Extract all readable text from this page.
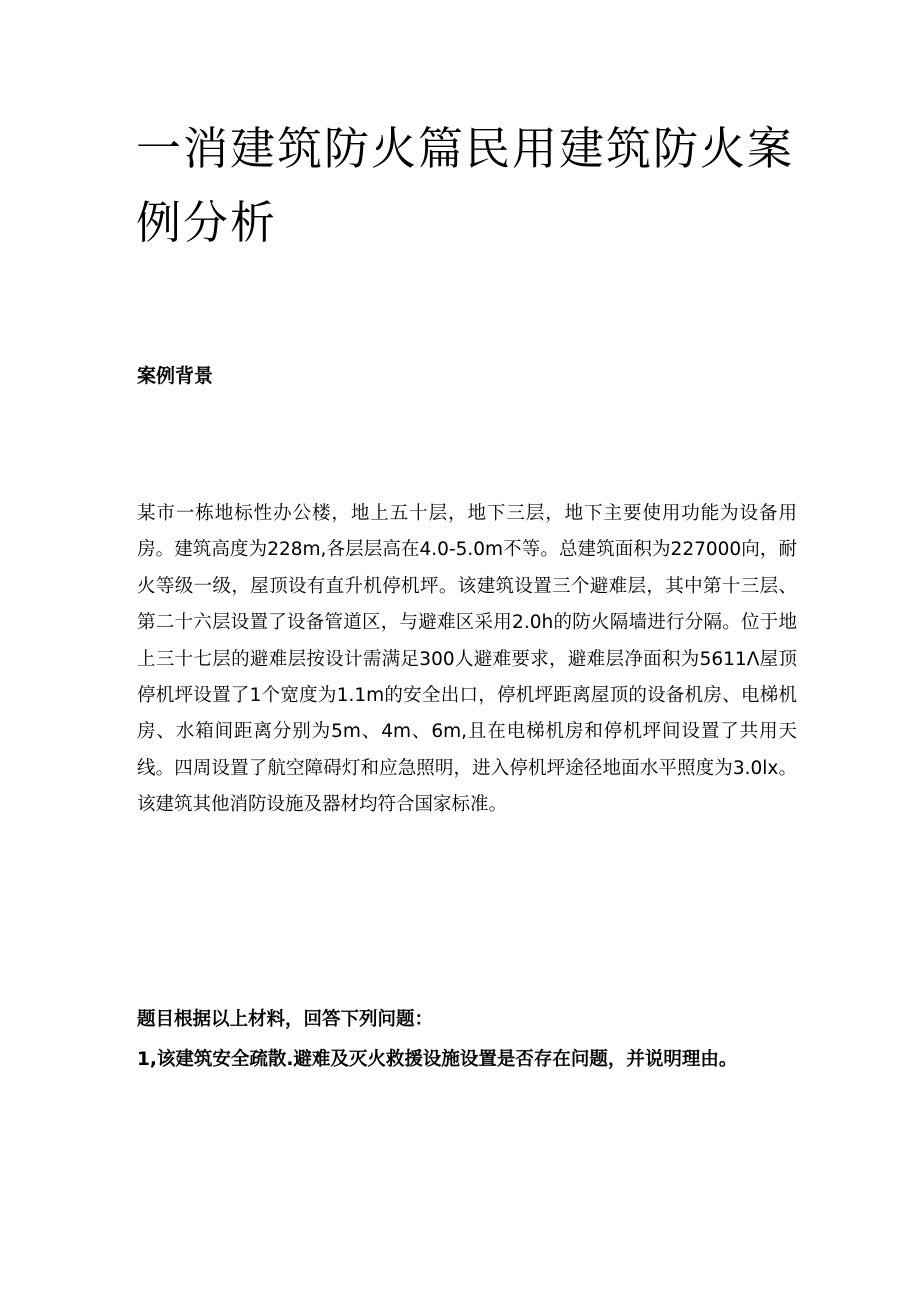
一消建筑防火篇民用建筑防火案例分析
案例背景

某市一栋地标性办公楼，地上五十层，地下三层，地下主要使用功能为设备用房。建筑高度为228m,各层层高在4.0-5.0m不等。总建筑面积为227000向，耐火等级一级，屋顶设有直升机停机坪。该建筑设置三个避难层，其中第十三层、第二十六层设置了设备管道区，与避难区采用2.0h的防火隔墙进行分隔。位于地上三十七层的避难层按设计需满足300人避难要求，避难层净面积为5611Λ屋顶停机坪设置了1个宽度为1.1m的安全出口，停机坪距离屋顶的设备机房、电梯机房、水箱间距离分别为5m、4m、6m,且在电梯机房和停机坪间设置了共用天线。四周设置了航空障碍灯和应急照明，进入停机坪途径地面水平照度为3.0lx。该建筑其他消防设施及器材均符合国家标准。

题目根据以上材料，回答下列问题：

1,该建筑安全疏散.避难及灭火救援设施设置是否存在问题，并说明理由。
